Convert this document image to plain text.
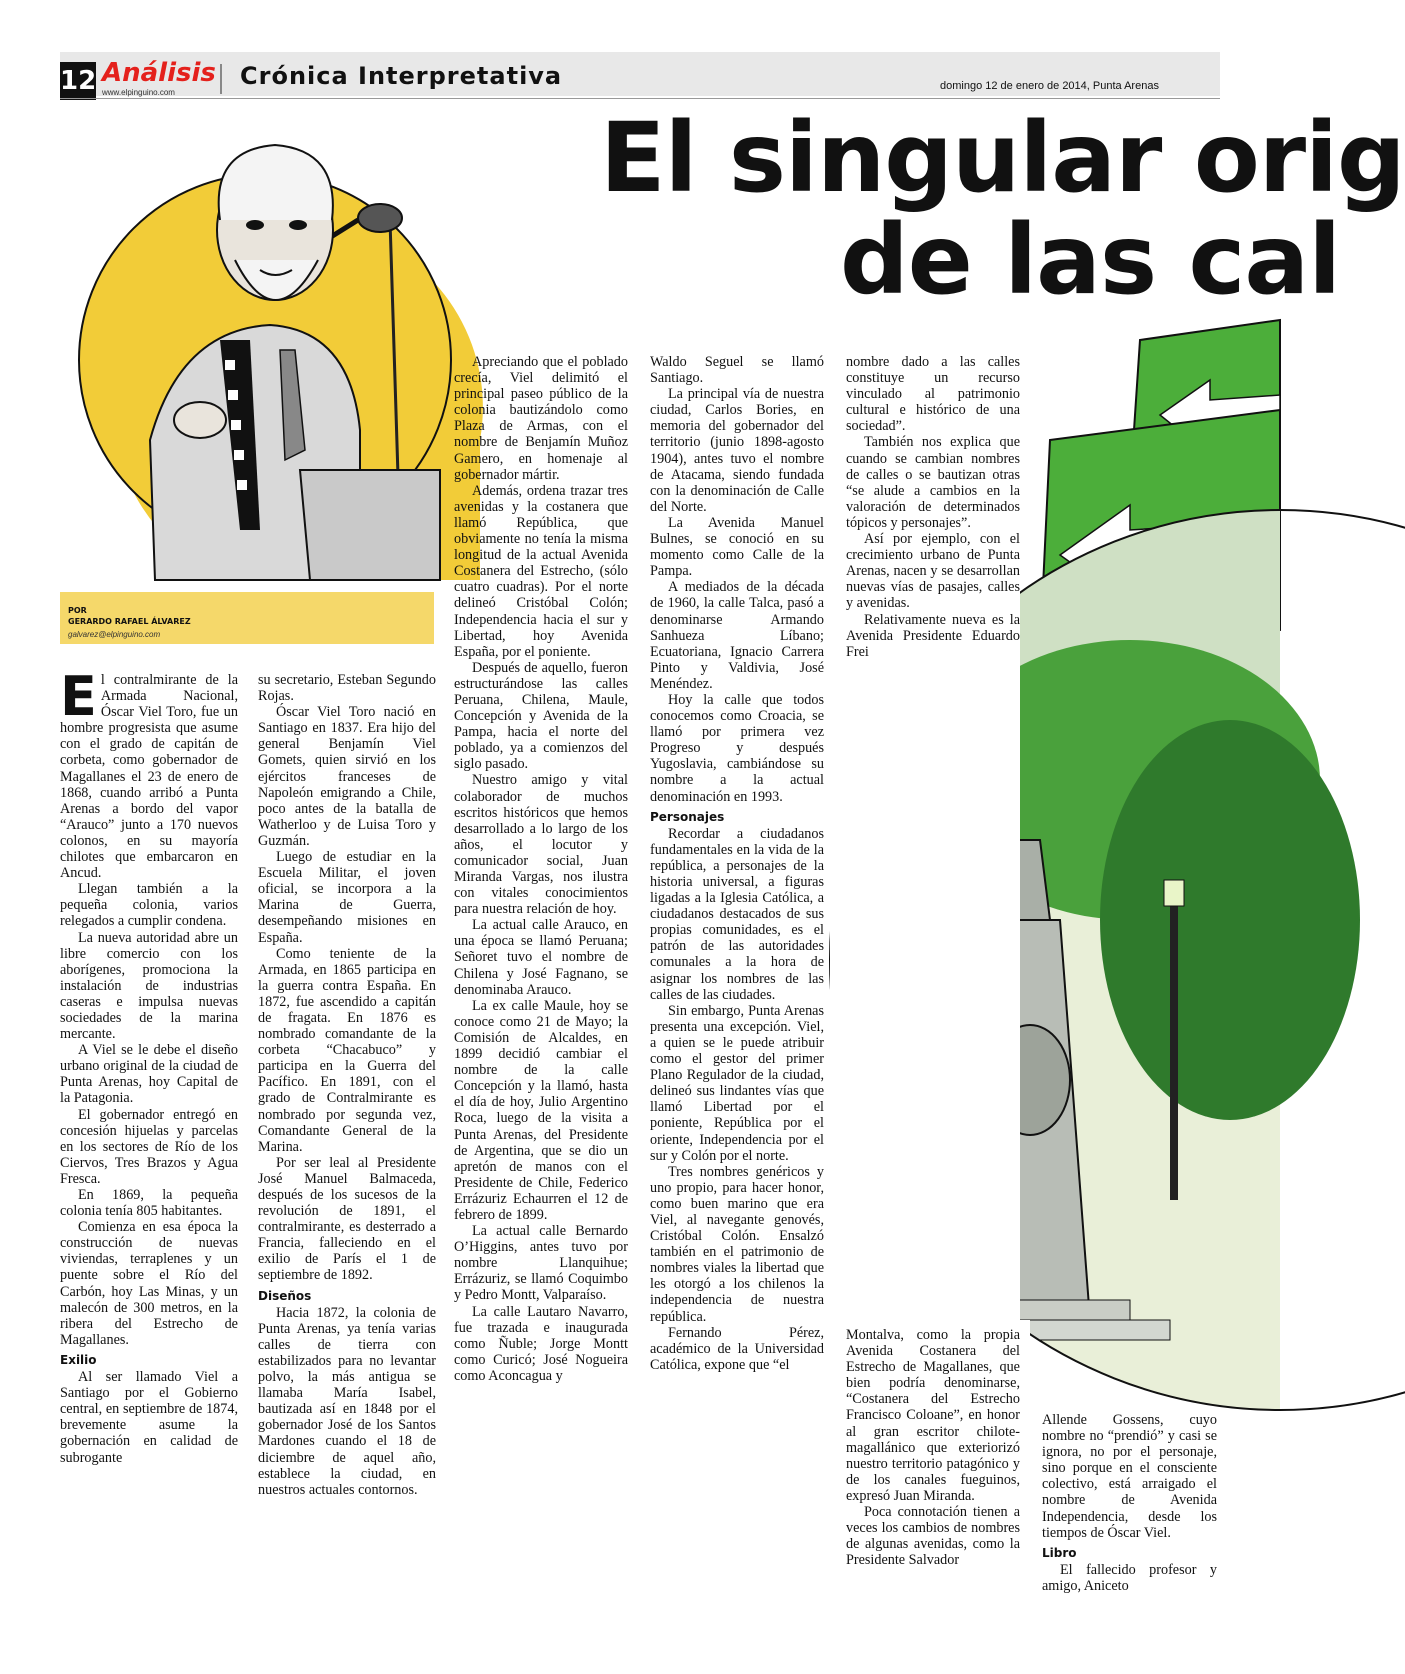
12 Análisis
www.elpinguino.com
Crónica Interpretativa	domingo 12 de enero de 2014, Punta Arenas
El singular orig
de las cal
POR
GERARDO RAFAEL ÁLVAREZ
galvarez@elpinguino.com
E l contralmirante de la Armada Nacional, Óscar Viel Toro, fue un hombre progresista que asume con el grado de capitán de corbeta, como gobernador de Magallanes el 23 de enero de 1868, cuando arribó a Punta Arenas a bordo del vapor “Arauco” junto a 170 nuevos colonos, en su mayoría chilotes que embarcaron en Ancud.

Llegan también a la pequeña colonia, varios relegados a cumplir condena.

La nueva autoridad abre un libre comercio con los aborígenes, promociona la instalación de industrias caseras e impulsa nuevas sociedades de la marina mercante.

A Viel se le debe el diseño urbano original de la ciudad de Punta Arenas, hoy Capital de la Patagonia.

El gobernador entregó en concesión hijuelas y parcelas en los sectores de Río de los Ciervos, Tres Brazos y Agua Fresca.

En 1869, la pequeña colonia tenía 805 habitantes.

Comienza en esa época la construcción de nuevas viviendas, terraplenes y un puente sobre el Río del Carbón, hoy Las Minas, y un malecón de 300 metros, en la ribera del Estrecho de Magallanes.

Exilio

Al ser llamado Viel a Santiago por el Gobierno central, en septiembre de 1874, brevemente asume la gobernación en calidad de subrogante

su secretario, Esteban Segundo Rojas.

Óscar Viel Toro nació en Santiago en 1837. Era hijo del general Benjamín Viel Gomets, quien sirvió en los ejércitos franceses de Napoleón emigrando a Chile, poco antes de la batalla de Watherloo y de Luisa Toro y Guzmán.

Luego de estudiar en la Escuela Militar, el joven oficial, se incorpora a la Marina de Guerra, desempeñando misiones en España.

Como teniente de la Armada, en 1865 participa en la guerra contra España. En 1872, fue ascendido a capitán de fragata. En 1876 es nombrado comandante de la corbeta “Chacabuco” y participa en la Guerra del Pacífico. En 1891, con el grado de Contralmirante es nombrado por segunda vez, Comandante General de la Marina.

Por ser leal al Presidente José Manuel Balmaceda, después de los sucesos de la revolución de 1891, el contralmirante, es desterrado a Francia, falleciendo en el exilio de París el 1 de septiembre de 1892.

Diseños

Hacia 1872, la colonia de Punta Arenas, ya tenía varias calles de tierra con estabilizados para no levantar polvo, la más antigua se llamaba María Isabel, bautizada así en 1848 por el gobernador José de los Santos Mardones cuando el 18 de diciembre de aquel año, establece la ciudad, en nuestros actuales contornos.

Apreciando que el poblado crecía, Viel delimitó el principal paseo público de la colonia bautizándolo como Plaza de Armas, con el nombre de Benjamín Muñoz Gamero, en homenaje al gobernador mártir.

Además, ordena trazar tres avenidas y la costanera que llamó República, que obviamente no tenía la misma longitud de la actual Avenida Costanera del Estrecho, (sólo cuatro cuadras). Por el norte delineó Cristóbal Colón; Independencia hacia el sur y Libertad, hoy Avenida España, por el poniente.

Después de aquello, fueron estructurándose las calles Peruana, Chilena, Maule, Concepción y Avenida de la Pampa, hacia el norte del poblado, ya a comienzos del siglo pasado.

Nuestro amigo y vital colaborador de muchos escritos históricos que hemos desarrollado a lo largo de los años, el locutor y comunicador social, Juan Miranda Vargas, nos ilustra con vitales conocimientos para nuestra relación de hoy.

La actual calle Arauco, en una época se llamó Peruana; Señoret tuvo el nombre de Chilena y José Fagnano, se denominaba Arauco.

La ex calle Maule, hoy se conoce como 21 de Mayo; la Comisión de Alcaldes, en 1899 decidió cambiar el nombre de la calle Concepción y la llamó, hasta el día de hoy, Julio Argentino Roca, luego de la visita a Punta Arenas, del Presidente de Argentina, que se dio un apretón de manos con el Presidente de Chile, Federico Errázuriz Echaurren el 12 de febrero de 1899.

La actual calle Bernardo O’Higgins, antes tuvo por nombre Llanquihue; Errázuriz, se llamó Coquimbo y Pedro Montt, Valparaíso.

La calle Lautaro Navarro, fue trazada e inaugurada como Ñuble; Jorge Montt como Curicó; José Nogueira como Aconcagua y

Waldo Seguel se llamó Santiago.

La principal vía de nuestra ciudad, Carlos Bories, en memoria del gobernador del territorio (junio 1898-agosto 1904), antes tuvo el nombre de Atacama, siendo fundada con la denominación de Calle del Norte.

La Avenida Manuel Bulnes, se conoció en su momento como Calle de la Pampa.

A mediados de la década de 1960, la calle Talca, pasó a denominarse Armando Sanhueza Líbano; Ecuatoriana, Ignacio Carrera Pinto y Valdivia, José Menéndez.

Hoy la calle que todos conocemos como Croacia, se llamó por primera vez Progreso y después Yugoslavia, cambiándose su nombre a la actual denominación en 1993.

Personajes

Recordar a ciudadanos fundamentales en la vida de la república, a personajes de la historia universal, a figuras ligadas a la Iglesia Católica, a ciudadanos destacados de sus propias comunidades, es el patrón de las autoridades comunales a la hora de asignar los nombres de las calles de las ciudades.

Sin embargo, Punta Arenas presenta una excepción. Viel, a quien se le puede atribuir como el gestor del primer Plano Regulador de la ciudad, delineó sus lindantes vías que llamó Libertad por el poniente, República por el oriente, Independencia por el sur y Colón por el norte.

Tres nombres genéricos y uno propio, para hacer honor, como buen marino que era Viel, al navegante genovés, Cristóbal Colón. Ensalzó también en el patrimonio de nombres viales la libertad que les otorgó a los chilenos la independencia de nuestra república.

Fernando Pérez, académico de la Universidad Católica, expone que “el

nombre dado a las calles constituye un recurso vinculado al patrimonio cultural e histórico de una sociedad”.

También nos explica que cuando se cambian nombres de calles o se bautizan otras “se alude a cambios en la valoración de determinados tópicos y personajes”.

Así por ejemplo, con el crecimiento urbano de Punta Arenas, nacen y se desarrollan nuevas vías de pasajes, calles y avenidas.

Relativamente nueva es la Avenida Presidente Eduardo Frei

Montalva, como la propia Avenida Costanera del Estrecho de Magallanes, que bien podría denominarse, “Costanera del Estrecho Francisco Coloane”, en honor al gran escritor chilote-magallánico que exteriorizó nuestro territorio patagónico y de los canales fueguinos, expresó Juan Miranda.

Poca connotación tienen a veces los cambios de nombres de algunas avenidas, como la Presidente Salvador

Allende Gossens, cuyo nombre no “prendió” y casi se ignora, no por el personaje, sino porque en el consciente colectivo, está arraigado el nombre de Avenida Independencia, desde los tiempos de Óscar Viel.

Libro

El fallecido profesor y amigo, Aniceto
